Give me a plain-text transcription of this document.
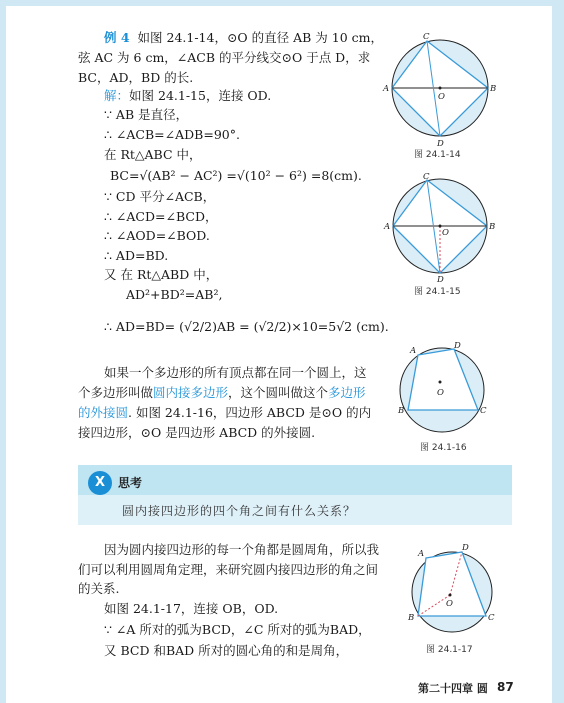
例 4 如图 24.1-14，⊙O 的直径 AB 为 10 cm，
弦 AC 为 6 cm，∠ACB 的平分线交⊙O 于点 D，求
BC，AD，BD 的长.
解：如图 24.1-15，连接 OD.
∵ AB 是直径，
∴ ∠ACB=∠ADB=90°.
在 Rt△ABC 中，
BC=√(AB² − AC²) =√(10² − 6²) =8(cm).
∵ CD 平分∠ACB，
∴ ∠ACD=∠BCD，
∴ ∠AOD=∠BOD.
∴ AD=BD.
又 在 Rt△ABD 中，
AD²+BD²=AB²,
∴ AD=BD= (√2/2)AB = (√2/2)×10=5√2 (cm).
如果一个多边形的所有顶点都在同一个圆上，这
个多边形叫做圆内接多边形，这个圆叫做这个多边形
的外接圆. 如图 24.1-16，四边形 ABCD 是⊙O 的内
接四边形，⊙O 是四边形 ABCD 的外接圆.
X	思考
圆内接四边形的四个角之间有什么关系？
因为圆内接四边形的每一个角都是圆周角，所以我
们可以利用圆周角定理，来研究圆内接四边形的角之间
的关系.
如图 24.1-17，连接 OB，OD.
∵ ∠A 所对的弧为BCD，∠C 所对的弧为BAD，
又 BCD 和BAD 所对的圆心角的和是周角，
C
A
O
B
D
图 24.1-14
C
A
O
B
D
图 24.1-15
A	D
O
B	C
图 24.1-16
A
D
O
B	C
图 24.1-17
第二十四章 圆 87
